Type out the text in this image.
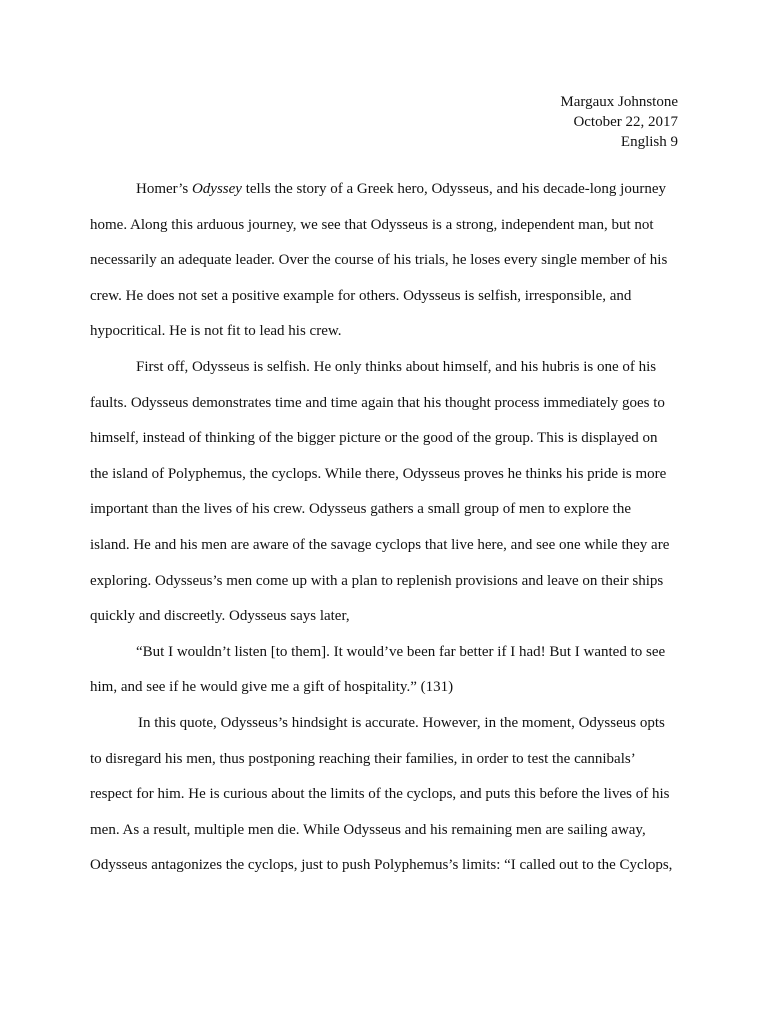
Margaux Johnstone
October 22, 2017
English 9
Homer’s Odyssey tells the story of a Greek hero, Odysseus, and his decade-long journey
home. Along this arduous journey, we see that Odysseus is a strong, independent man, but not
necessarily an adequate leader. Over the course of his trials, he loses every single member of his
crew. He does not set a positive example for others. Odysseus is selfish, irresponsible, and
hypocritical. He is not fit to lead his crew.
First off, Odysseus is selfish. He only thinks about himself, and his hubris is one of his
faults. Odysseus demonstrates time and time again that his thought process immediately goes to
himself, instead of thinking of the bigger picture or the good of the group. This is displayed on
the island of Polyphemus, the cyclops. While there, Odysseus proves he thinks his pride is more
important than the lives of his crew. Odysseus gathers a small group of men to explore the
island. He and his men are aware of the savage cyclops that live here, and see one while they are
exploring. Odysseus’s men come up with a plan to replenish provisions and leave on their ships
quickly and discreetly. Odysseus says later,
“But I wouldn’t listen [to them]. It would’ve been far better if I had! But I wanted to see
him, and see if he would give me a gift of hospitality.” (131)
In this quote, Odysseus’s hindsight is accurate. However, in the moment, Odysseus opts
to disregard his men, thus postponing reaching their families, in order to test the cannibals’
respect for him. He is curious about the limits of the cyclops, and puts this before the lives of his
men. As a result, multiple men die. While Odysseus and his remaining men are sailing away,
Odysseus antagonizes the cyclops, just to push Polyphemus’s limits: “I called out to the Cyclops,
